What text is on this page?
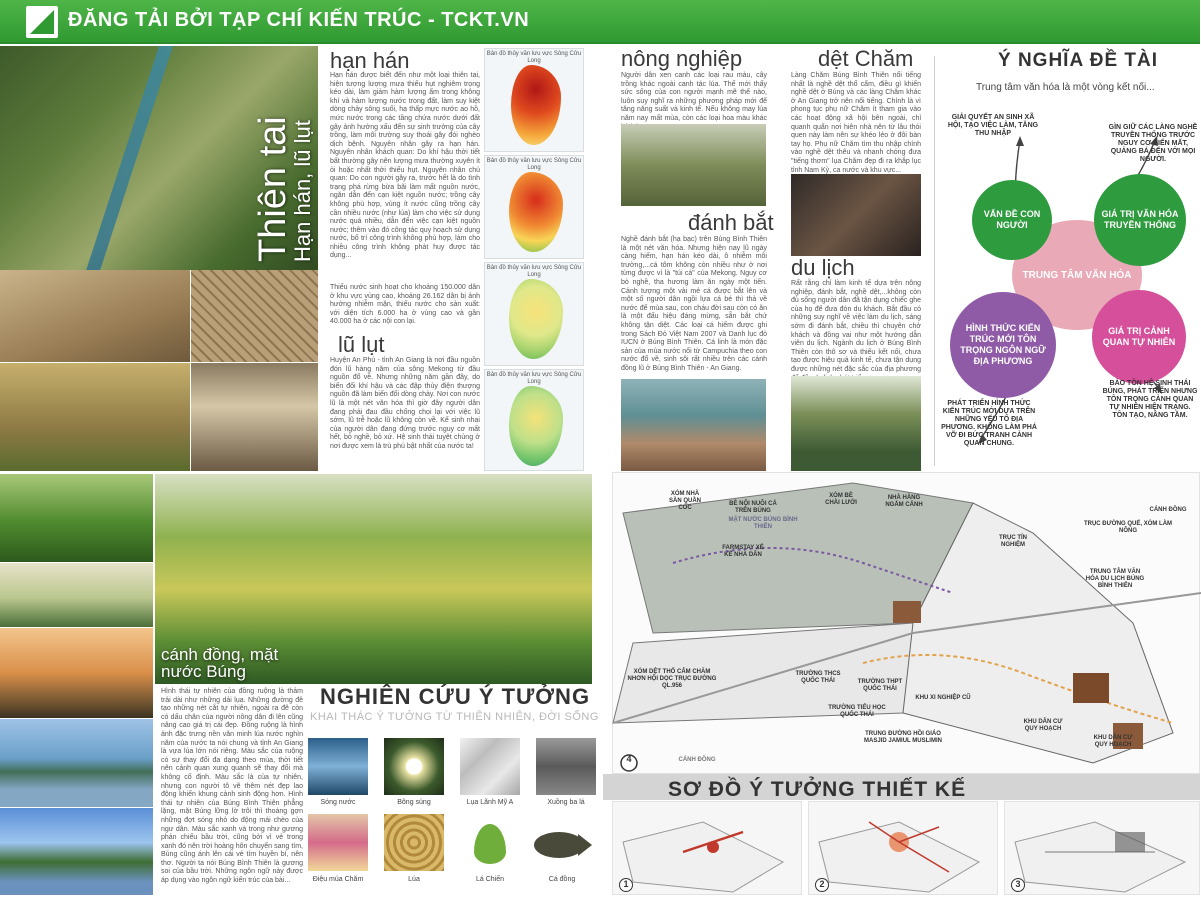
ĐĂNG TẢI BỞI TẠP CHÍ KIẾN TRÚC - TCKT.VN
Thiên tai
Hạn hán, lũ lụt
hạn hán
Hạn hán được biết đến như một loại thiên tai, hiện tượng lượng mưa thiếu hụt nghiêm trọng kéo dài, làm giảm hàm lượng ẩm trong không khí và hàm lượng nước trong đất, làm suy kiệt dòng chảy sông suối, hạ thấp mực nước ao hồ, mức nước trong các tầng chứa nước dưới đất gây ảnh hưởng xấu đến sự sinh trưởng của cây trồng, làm môi trường suy thoái gây đói nghèo dịch bệnh. Nguyên nhân gây ra hạn hán. Nguyên nhân khách quan: Do khí hậu thời tiết bất thường gây nên lượng mưa thường xuyên ít ỏi hoặc nhất thời thiếu hụt. Nguyên nhân chủ quan: Do con người gây ra, trước hết là do tình trạng phá rừng bừa bãi làm mất nguồn nước, ngăn dẫn đến cạn kiệt nguồn nước; trồng cây không phù hợp, vùng ít nước cũng trồng cây cần nhiều nước (như lúa) làm cho việc sử dụng nước quá nhiều, dẫn đến việc cạn kiệt nguồn nước; thêm vào đó công tác quy hoạch sử dụng nước, bố trí công trình không phù hợp, làm cho nhiều công trình không phát huy được tác dụng...
Thiếu nước sinh hoạt cho khoảng 150.000 dân ở khu vực vùng cao, khoảng 26.162 dân bị ảnh hưởng nhiễm mặn, thiếu nước cho sản xuất: với diện tích 6.000 ha ở vùng cao và gần 40.000 ha ở các nội con lại.
lũ lụt
Huyện An Phú - tỉnh An Giang là nơi đầu nguồn đón lũ hàng năm của sông Mekong từ đầu nguồn đổ về. Nhưng những năm gần đây, do biến đổi khí hậu và các đập thủy điện thượng nguồn đã làm biến đổi dòng chảy. Nơi con nước lũ là một nét văn hóa thì giờ đây người dân đang phải đau đầu chống chọi lại với việc lũ sớm, lũ trễ hoặc lũ không còn về. Kế sinh nhai của người dân đang đứng trước nguy cơ mất hết, bỏ nghề, bỏ xứ. Hệ sinh thái tuyệt chủng ở nơi được xem là trù phú bật nhất của nước ta!
Bản đồ thủy văn lưu vực Sông Cửu Long
Bản đồ thủy văn lưu vực Sông Cửu Long
Bản đồ thủy văn lưu vực Sông Cửu Long
Bản đồ thủy văn lưu vực Sông Cửu Long
nông nghiệp
Người dân xen canh các loại rau màu, cây trồng khác ngoài canh tác lúa. Thế mới thấy sức sống của con người mạnh mẽ thế nào, luôn suy nghĩ ra những phương pháp mới để tăng năng suất và kinh tế. Nếu không may lúa năm nay mất mùa, còn các loại hoa màu khác
đánh bắt
Nghề đánh bắt (hạ bạc) trên Búng Bình Thiên là một nét văn hóa. Nhưng hiện nay lũ ngày càng hiếm, hạn hán kéo dài, ô nhiễm môi trường,...cá tôm không còn nhiều như ở nơi từng được ví là "túi cá" của Mekong. Nguy cơ bỏ nghề, tha hương làm ăn ngày một tiến. Cảnh tượng một vài mẻ cá được bắt lên và một số người dân ngồi lựa cá bé thì thả về nước để mùa sau, con cháu đời sau còn có ăn là một đấu hiệu đáng mừng, sẵn bắt chứ không tận diệt. Các loại cá hiếm được ghi trong Sách Đỏ Việt Nam 2007 và Danh lục đỏ IUCN ở Búng Bình Thiên. Cá linh là món đặc sản của mùa nước nổi từ Campuchia theo con nước đổ về, sinh sôi rất nhiều trên các cánh đồng lũ ở Búng Bình Thiên - An Giang.
dệt Chăm
Làng Chăm Búng Bình Thiên nổi tiếng nhất là nghề dệt thổ cẩm, điều gì khiến nghề dệt ở Búng và các làng Chăm khác ở An Giang trở nên nổi tiếng. Chính là vì phong tục phụ nữ Chăm ít tham gia vào các hoạt động xã hội bên ngoài, chỉ quanh quẩn nơi hiên nhà nên từ lâu thói quen này làm nên sự khéo léo ở đôi bàn tay họ. Phụ nữ Chăm tìm thu nhập chính vào nghề dệt thêu và nhanh chóng đưa "tiếng thơm" lụa Chăm đẹp đi ra khắp lục tỉnh Nam Kỳ, ca nước và khu vực...
du lịch
Rất rằng chỉ làm kinh tế dựa trên nông nghiệp, đánh bắt, nghề dệt,...không còn đủ sống người dân đã tận dụng chiếc ghe của họ để đưa đón du khách. Bắt đầu có những suy nghĩ về việc làm du lịch, sáng sớm đi đánh bắt, chiều thì chuyên chở khách và đồng vai như một hướng dẫn viên du lịch. Ngành du lịch ở Búng Bình Thiên còn thô sơ và thiếu kết nối, chưa tạo được hiệu quả kinh tế, chưa tận dụng được những nét đặc sắc của địa phương
Ý NGHĨA ĐỀ TÀI
Trung tâm văn hóa là một vòng kết nối...
TRUNG TÂM VĂN HÓA
VẤN ĐỀ CON NGƯỜI
GIÁ TRỊ VĂN HÓA TRUYỀN THỐNG
HÌNH THỨC KIẾN TRÚC MỚI TÔN TRỌNG NGÔN NGỮ ĐỊA PHƯƠNG
GIÁ TRỊ CẢNH QUAN TỰ NHIÊN
GIẢI QUYẾT AN SINH XÃ HỘI, TẠO VIỆC LÀM, TĂNG THU NHẬP
GÌN GIỮ CÁC LÀNG NGHỀ TRUYỀN THỐNG TRƯỚC NGUY CƠ BIẾN MẤT, QUẢNG BÁ ĐẾN VỚI MỌI NGƯỜI.
PHÁT TRIỂN HÌNH THỨC KIẾN TRÚC MỚI DỰA TRÊN NHỮNG YẾU TỐ ĐỊA PHƯƠNG. KHÔNG LÀM PHÁ VỠ ĐI BỨC TRANH CẢNH QUAN CHUNG.
BẢO TỒN HỆ SINH THÁI BÚNG, PHÁT TRIỂN NHƯNG TÔN TRỌNG CẢNH QUAN TỰ NHIÊN HIỆN TRẠNG. TÔN TẠO, NÂNG TẦM.
cánh đồng, mặt nước Búng
Hình thái tự nhiên của đồng ruộng là thảm trải dài như những dải lụa. Những đường đê tạo những nét cắt tự nhiên, ngoài ra đê còn có dấu chân của người nông dân đi lên cũng nâng cao giá trị cái đẹp. Đồng ruộng là hình ảnh đặc trưng nền văn minh lúa nước nghìn năm của nước ta nói chung và tỉnh An Giang là vựa lúa lớn nói riêng. Màu sắc của ruộng có sự thay đổi đa dạng theo mùa, thời tiết nên cảnh quan xung quanh sẽ thay đổi mà không cố định. Màu sắc là của tự nhiên, nhưng con người tô vẽ thêm nét đẹp lao động khiến khung cảnh sinh động hơn. Hình thái tự nhiên của Búng Bình Thiên phẳng lặng, mặt Búng lững lờ trôi thì thoáng gợn những đợt sóng nhỏ do động mái chèo của ngư dân. Màu sắc xanh và trong như gương phản chiếu bầu trời, cũng bởi vì vẻ trong xanh đó nên trời hoàng hôn chuyển sang tím, Búng cũng ánh lên cái vẻ tím huyền bí, nên thơ. Người ta nói Búng Bình Thiên là gương soi của bầu trời. Những ngôn ngữ này được áp dụng vào ngôn ngữ kiến trúc của bài...
NGHIÊN CỨU Ý TƯỞNG
KHAI THÁC Ý TƯỞNG TỪ THIÊN NHIÊN, ĐỜI SỐNG
Sóng nước	Bông súng	Lụa Lãnh Mỹ A	Xuồng ba lá
Điệu múa Chăm	Lúa	Lá Chiến	Cá đồng
4
XÓM NHÀ SÀN QUẦN CÓC
BÈ NỘI NUÔI CÁ TRÊN BÚNG
MẶT NƯỚC BÚNG BÌNH THIÊN
FARMSTAY XẺ KẾ NHÀ DÂN
XÓM BÈ CHÀI LƯỚI
NHÀ HÀNG NGẮM CẢNH
TRỤC ĐƯỜNG QUẾ, XÓM LÀM NÔNG
CÁNH ĐỒNG
TRỤC TÍN NGHIỆM
TRUNG TÂM VĂN HÓA DU LỊCH BÚNG BÌNH THIÊN
XÓM DỆT THỔ CẨM CHĂM NHƠN HỘI DỌC TRỤC ĐƯỜNG QL.956
TRƯỜNG THCS QUỐC THÁI	TRƯỜNG THPT QUỐC THÁI
KHU XI NGHIỆP CŨ
TRƯỜNG TIỂU HỌC QUỐC THÁI
TRUNG ĐƯỜNG HỒI GIÁO MASJID JAMIUL MUSLIMIN
KHU DÂN CƯ QUY HOẠCH
KHU DÂN CƯ QUY HOẠCH
CÁNH ĐỒNG
SƠ ĐỒ Ý TƯỞNG THIẾT KẾ
1	2	3
